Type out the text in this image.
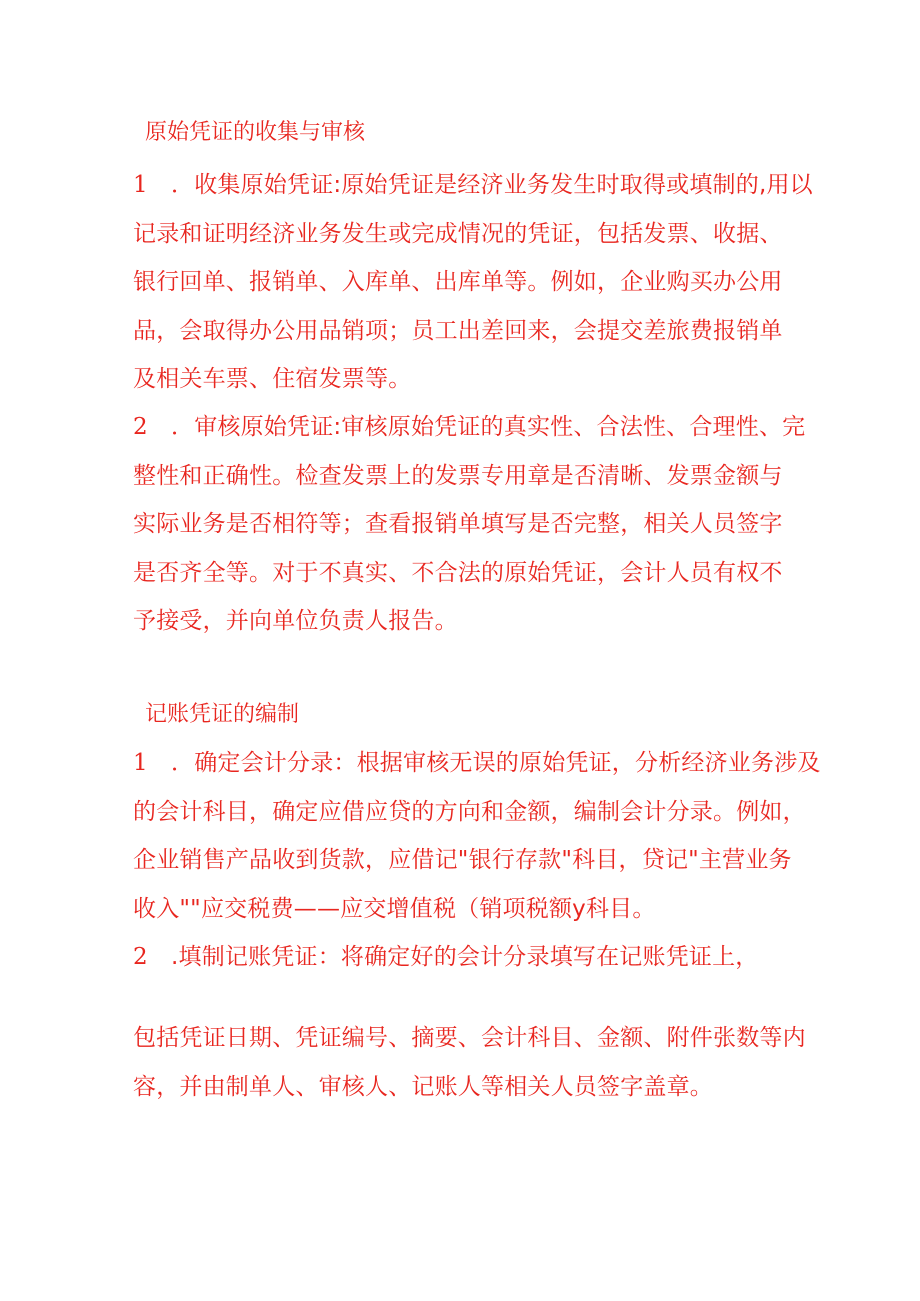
原始凭证的收集与审核
1 ．收集原始凭证:原始凭证是经济业务发生时取得或填制的,用以
记录和证明经济业务发生或完成情况的凭证，包括发票、收据、
银行回单、报销单、入库单、出库单等。例如，企业购买办公用
品，会取得办公用品销项；员工出差回来，会提交差旅费报销单
及相关车票、住宿发票等。
2 ．审核原始凭证:审核原始凭证的真实性、合法性、合理性、完
整性和正确性。检查发票上的发票专用章是否清晰、发票金额与
实际业务是否相符等；查看报销单填写是否完整，相关人员签字
是否齐全等。对于不真实、不合法的原始凭证，会计人员有权不
予接受，并向单位负责人报告。
记账凭证的编制
1 ．确定会计分录：根据审核无误的原始凭证，分析经济业务涉及
的会计科目，确定应借应贷的方向和金额，编制会计分录。例如，
企业销售产品收到货款，应借记"银行存款"科目，贷记"主营业务
收入""应交税费——应交增值税（销项税额y科目。
2 .填制记账凭证：将确定好的会计分录填写在记账凭证上，
包括凭证日期、凭证编号、摘要、会计科目、金额、附件张数等内
容，并由制单人、审核人、记账人等相关人员签字盖章。
